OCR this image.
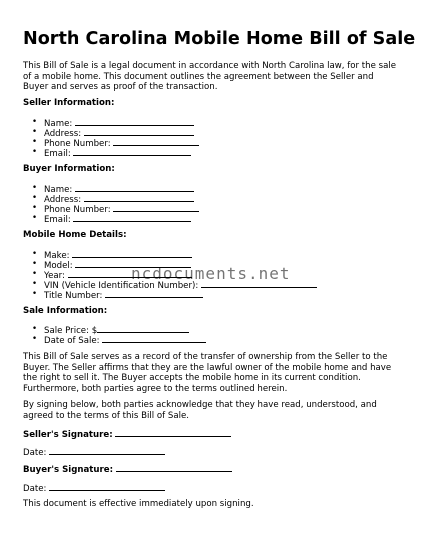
North Carolina Mobile Home Bill of Sale

This Bill of Sale is a legal document in accordance with North Carolina law, for the sale of a mobile home. This document outlines the agreement between the Seller and Buyer and serves as proof of the transaction.

Seller Information:

• Name:
• Address:
• Phone Number:
• Email:

Buyer Information:

• Name:
• Address:
• Phone Number:
• Email:

Mobile Home Details:

• Make:
• Model:
• Year:
• VIN (Vehicle Identification Number):
• Title Number:

Sale Information:

• Sale Price: $
• Date of Sale:

This Bill of Sale serves as a record of the transfer of ownership from the Seller to the Buyer. The Seller affirms that they are the lawful owner of the mobile home and have the right to sell it. The Buyer accepts the mobile home in its current condition. Furthermore, both parties agree to the terms outlined herein.

By signing below, both parties acknowledge that they have read, understood, and agreed to the terms of this Bill of Sale.

Seller's Signature:
Date:
Buyer's Signature:
Date:

This document is effective immediately upon signing.

ncdocuments.net
